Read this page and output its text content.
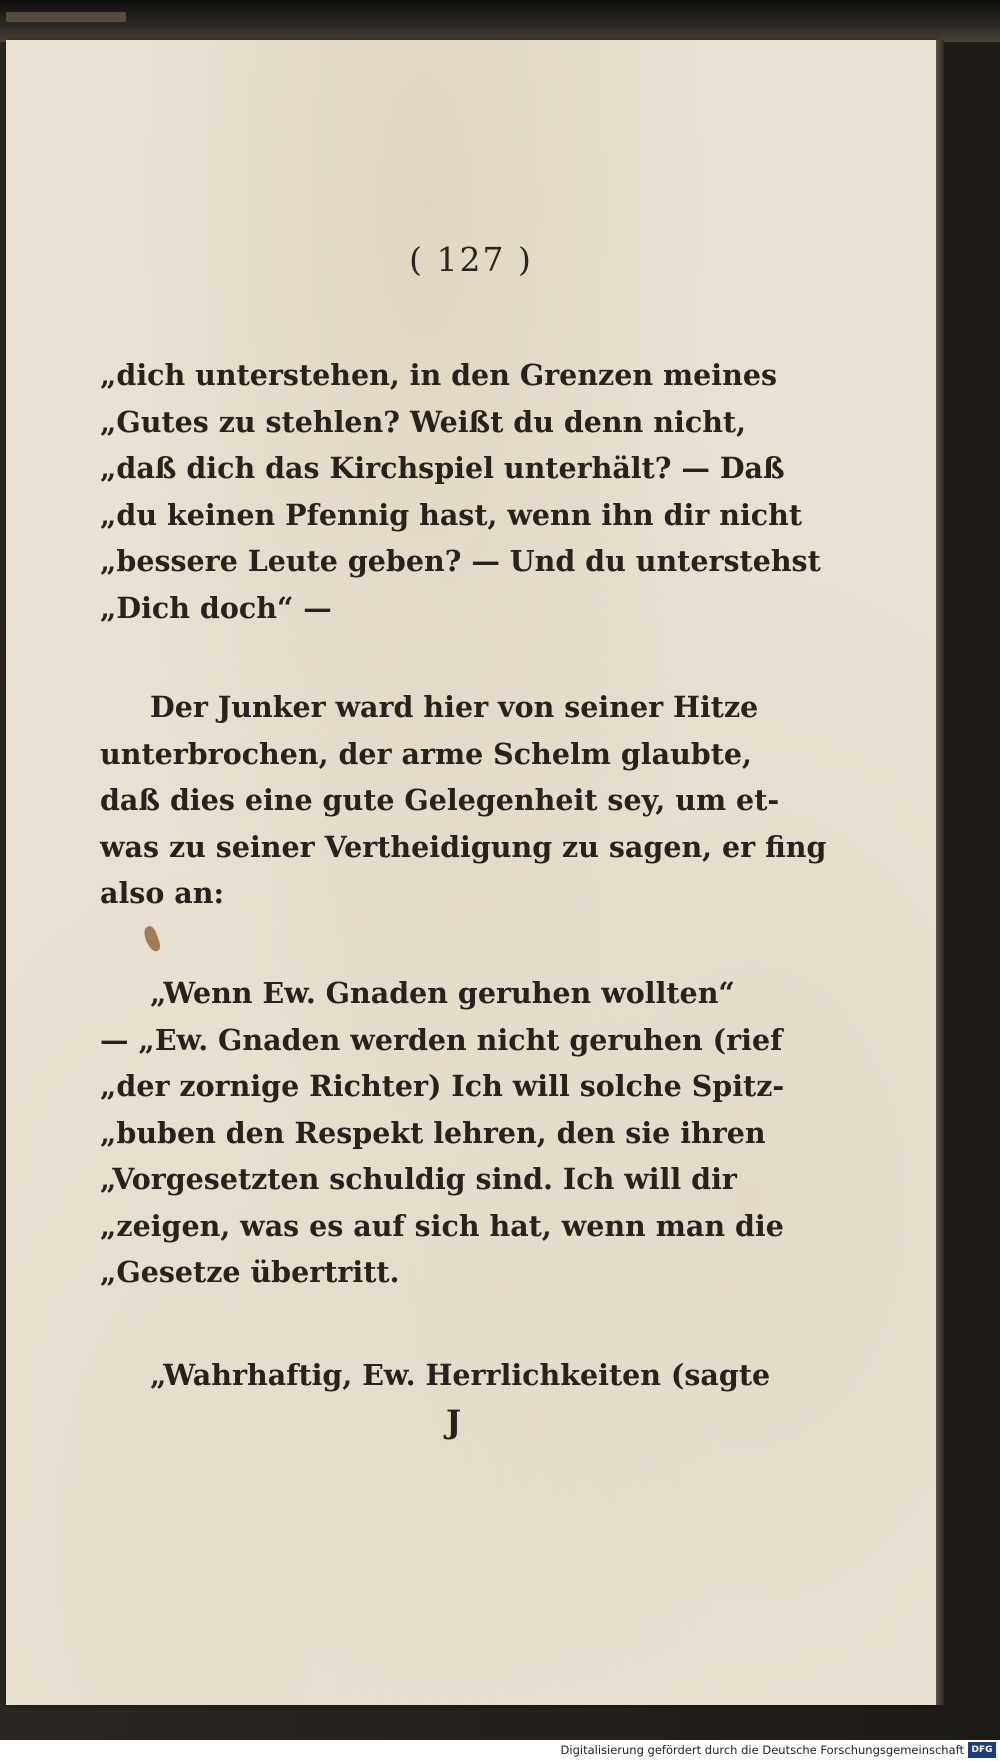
( 127 )
„dich unterstehen, in den Grenzen meines
„Gutes zu stehlen? Weißt du denn nicht,
„daß dich das Kirchspiel unterhält? — Daß
„du keinen Pfennig hast, wenn ihn dir nicht
„bessere Leute geben? — Und du unterstehst
„Dich doch“ —
Der Junker ward hier von seiner Hitze
unterbrochen, der arme Schelm glaubte,
daß dies eine gute Gelegenheit sey, um et-
was zu seiner Vertheidigung zu sagen, er fing
also an:
„Wenn Ew. Gnaden geruhen wollten“
— „Ew. Gnaden werden nicht geruhen (rief
„der zornige Richter) Ich will solche Spitz-
„buben den Respekt lehren, den sie ihren
„Vorgesetzten schuldig sind. Ich will dir
„zeigen, was es auf sich hat, wenn man die
„Gesetze übertritt.
„Wahrhaftig, Ew. Herrlichkeiten (sagte
J
Digitalisierung gefördert durch die Deutsche Forschungsgemeinschaft DFG
